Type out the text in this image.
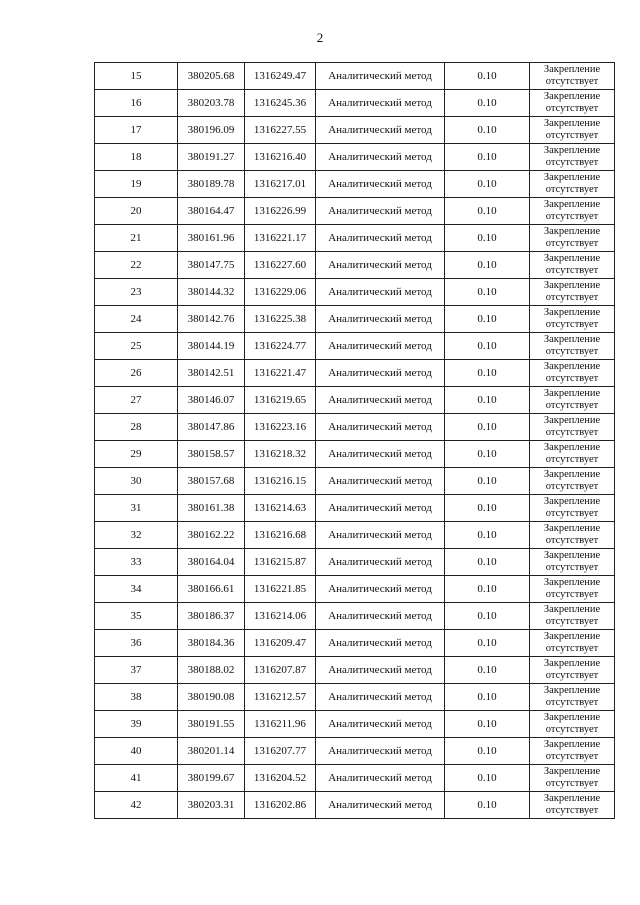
2
15	380205.68	1316249.47	Аналитический метод	0.10	Закрепление отсутствует
16	380203.78	1316245.36	Аналитический метод	0.10	Закрепление отсутствует
17	380196.09	1316227.55	Аналитический метод	0.10	Закрепление отсутствует
18	380191.27	1316216.40	Аналитический метод	0.10	Закрепление отсутствует
19	380189.78	1316217.01	Аналитический метод	0.10	Закрепление отсутствует
20	380164.47	1316226.99	Аналитический метод	0.10	Закрепление отсутствует
21	380161.96	1316221.17	Аналитический метод	0.10	Закрепление отсутствует
22	380147.75	1316227.60	Аналитический метод	0.10	Закрепление отсутствует
23	380144.32	1316229.06	Аналитический метод	0.10	Закрепление отсутствует
24	380142.76	1316225.38	Аналитический метод	0.10	Закрепление отсутствует
25	380144.19	1316224.77	Аналитический метод	0.10	Закрепление отсутствует
26	380142.51	1316221.47	Аналитический метод	0.10	Закрепление отсутствует
27	380146.07	1316219.65	Аналитический метод	0.10	Закрепление отсутствует
28	380147.86	1316223.16	Аналитический метод	0.10	Закрепление отсутствует
29	380158.57	1316218.32	Аналитический метод	0.10	Закрепление отсутствует
30	380157.68	1316216.15	Аналитический метод	0.10	Закрепление отсутствует
31	380161.38	1316214.63	Аналитический метод	0.10	Закрепление отсутствует
32	380162.22	1316216.68	Аналитический метод	0.10	Закрепление отсутствует
33	380164.04	1316215.87	Аналитический метод	0.10	Закрепление отсутствует
34	380166.61	1316221.85	Аналитический метод	0.10	Закрепление отсутствует
35	380186.37	1316214.06	Аналитический метод	0.10	Закрепление отсутствует
36	380184.36	1316209.47	Аналитический метод	0.10	Закрепление отсутствует
37	380188.02	1316207.87	Аналитический метод	0.10	Закрепление отсутствует
38	380190.08	1316212.57	Аналитический метод	0.10	Закрепление отсутствует
39	380191.55	1316211.96	Аналитический метод	0.10	Закрепление отсутствует
40	380201.14	1316207.77	Аналитический метод	0.10	Закрепление отсутствует
41	380199.67	1316204.52	Аналитический метод	0.10	Закрепление отсутствует
42	380203.31	1316202.86	Аналитический метод	0.10	Закрепление отсутствует
